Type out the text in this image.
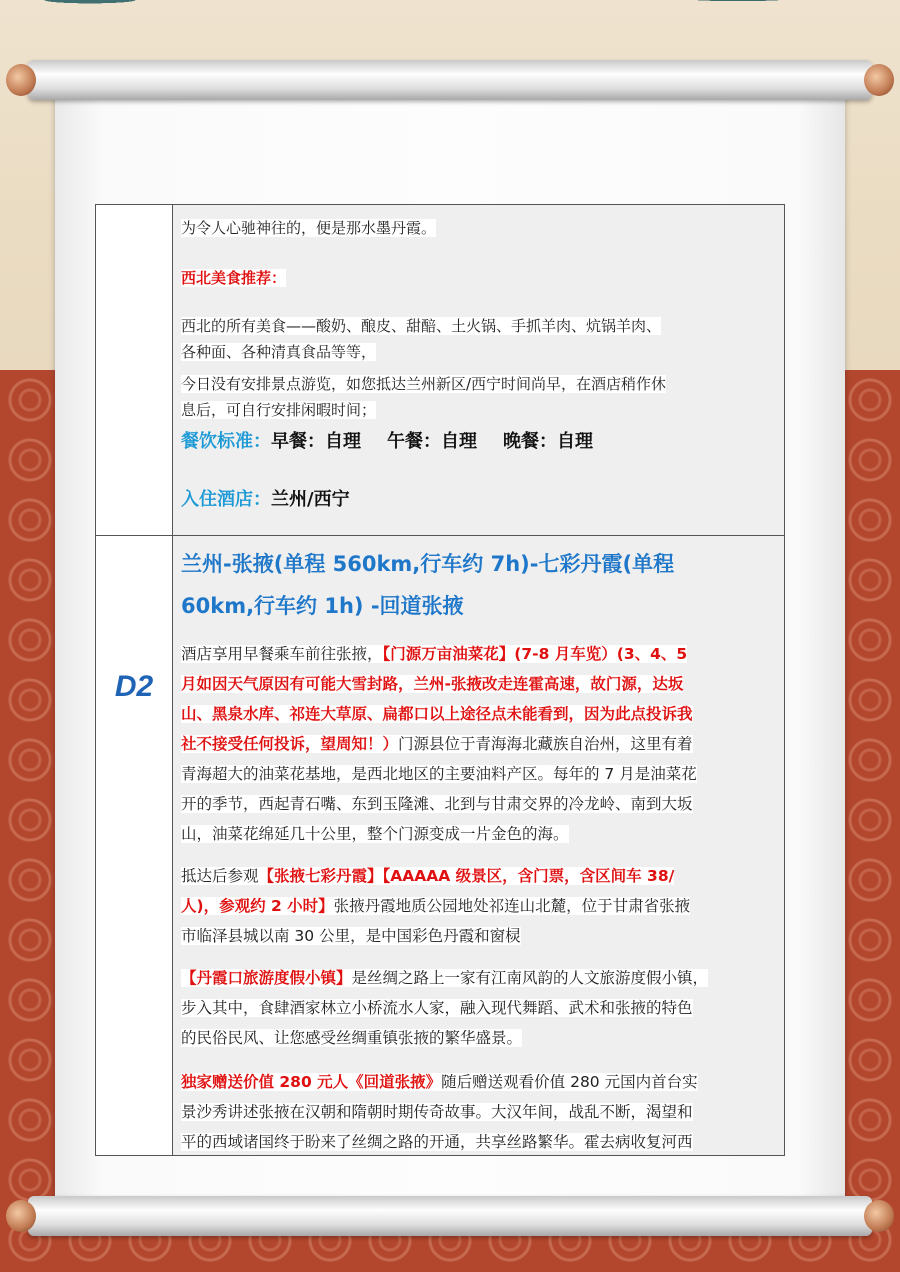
为令人心驰神往的，便是那水墨丹霞。
西北美食推荐：
西北的所有美食——酸奶、酿皮、甜醅、土火锅、手抓羊肉、炕锅羊肉、
各种面、各种清真食品等等，
今日没有安排景点游览，如您抵达兰州新区/西宁时间尚早，在酒店稍作休
息后，可自行安排闲暇时间；
餐饮标准：早餐：自理 午餐：自理 晚餐：自理
入住酒店：兰州/西宁
兰州-张掖(单程 560km,行车约 7h)-七彩丹霞(单程
60km,行车约 1h) -回道张掖
酒店享用早餐乘车前往张掖，【门源万亩油菜花】(7-8 月车览）(3、4、5
月如因天气原因有可能大雪封路，兰州-张掖改走连霍高速，故门源，达坂
山、黑泉水库、祁连大草原、扁都口以上途径点未能看到，因为此点投诉我
社不接受任何投诉，望周知！）门源县位于青海海北藏族自治州，这里有着
青海超大的油菜花基地，是西北地区的主要油料产区。每年的 7 月是油菜花
开的季节，西起青石嘴、东到玉隆滩、北到与甘肃交界的冷龙岭、南到大坂
山，油菜花绵延几十公里，整个门源变成一片金色的海。
抵达后参观【张掖七彩丹霞】【AAAAA 级景区，含门票，含区间车 38/
人)，参观约 2 小时】张掖丹霞地质公园地处祁连山北麓，位于甘肃省张掖
市临泽县城以南 30 公里，是中国彩色丹霞和窗棂
【丹霞口旅游度假小镇】是丝绸之路上一家有江南风韵的人文旅游度假小镇，
步入其中，食肆酒家林立小桥流水人家，融入现代舞蹈、武术和张掖的特色
的民俗民风、让您感受丝绸重镇张掖的繁华盛景。
独家赠送价值 280 元人《回道张掖》随后赠送观看价值 280 元国内首台实
景沙秀讲述张掖在汉朝和隋朝时期传奇故事。大汉年间，战乱不断，渴望和
平的西域诸国终于盼来了丝绸之路的开通，共享丝路繁华。霍去病收复河西
D2
